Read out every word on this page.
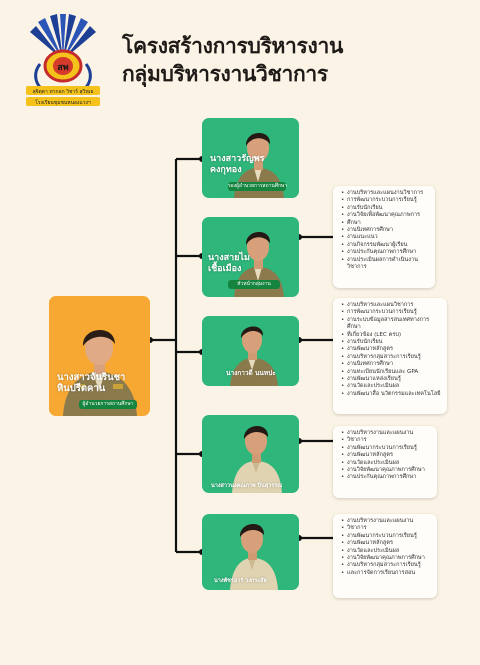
สพ
สุจิตฺตา ทากอก วิชาร์ สุวิทฺเธ
โรงเรียนชุมชนหนองแวงฯ
โครงสร้างการบริหารงาน
กลุ่มบริหารงานวิชาการ
นางสาวจันรินชา
หินปรีตคาน
ผู้อำนวยการสถานศึกษา
นางสาวรัญพร
คงกุทอง
รองผู้อำนวยการสถานศึกษา
นางสายไม
เชื้อเมือง
หัวหน้ากลุ่มงาน
นางกาวดี นนทปะ
นางสาวนงคณภาพ ปิ่นสุวรรณ
นางพัชรอาร์ วงกระสัย
• งานบริหารและแผนงานวิชาการ
• การพัฒนากระบวนการเรียนรู้
• งานรับนักเรียน
• งานวิจัยเพื่อพัฒนาคุณภาพการ
• ศึกษา
• งานนิเทศการศึกษา
• งานแนะแนว
• งานกิจกรรมพัฒนาผู้เรียน
• งานประกันคุณภาพการศึกษา
• งานประเมินผลการดำเนินงานวิชาการ
• งานบริหารและแผนวิชาการ
• การพัฒนากระบวนการเรียนรู้
• งานระบบข้อมูลสารสนเทศทางการศึกษา
• ที่เกี่ยวข้อง (LEC ครบ)
• งานรับนักเรียน
• งานพัฒนาหลักสูตร
• งานบริหารกลุ่มสาระการเรียนรู้
• งานนิเทศการศึกษา
• งานทะเบียนนักเรียนและ GPA
• งานพัฒนาแหล่งเรียนรู้
• งานวัดและประเมินผล
• งานพัฒนาสื่อ นวัตกรรมและเทคโนโลยี
• งานบริหารงานและแผนงาน
• วิชาการ
• งานพัฒนากระบวนการเรียนรู้
• งานพัฒนาหลักสูตร
• งานวัดและประเมินผล
• งานวิจัยพัฒนาคุณภาพการศึกษา
• งานประกันคุณภาพการศึกษา
• งานบริหารงานและแผนงาน
• วิชาการ
• งานพัฒนากระบวนการเรียนรู้
• งานพัฒนาหลักสูตร
• งานวัดและประเมินผล
• งานวิจัยพัฒนาคุณภาพการศึกษา
• งานบริหารกลุ่มสาระการเรียนรู้
• และการจัดการเรียนการสอน
